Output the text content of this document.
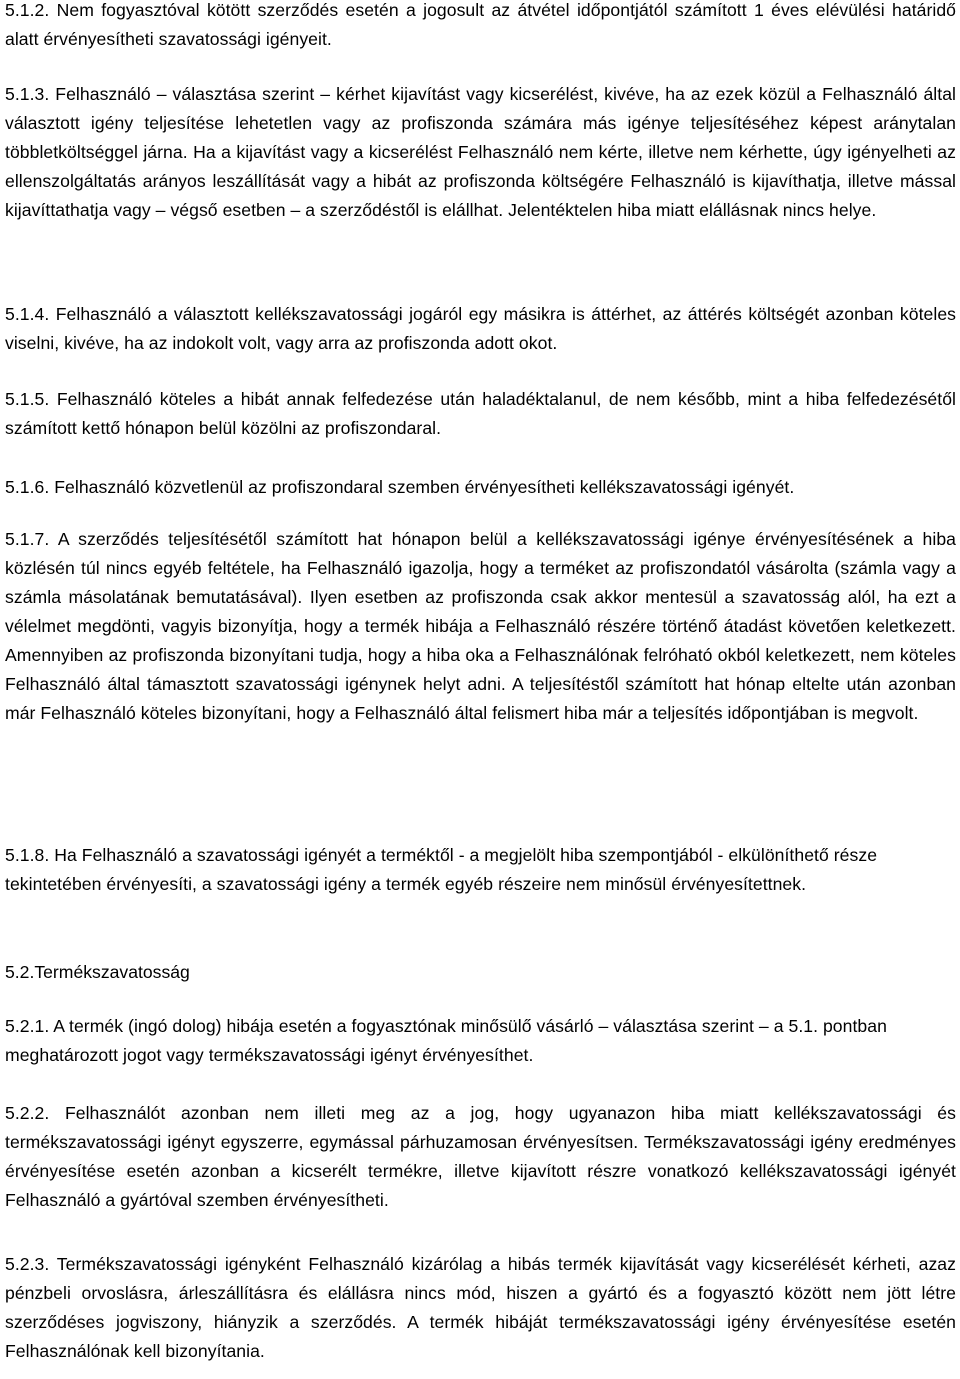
5.1.2. Nem fogyasztóval kötött szerződés esetén a jogosult az átvétel időpontjától számított 1 éves elévülési határidő alatt érvényesítheti szavatossági igényeit.

5.1.3. Felhasználó – választása szerint – kérhet kijavítást vagy kicserélést, kivéve, ha az ezek közül a Felhasználó által választott igény teljesítése lehetetlen vagy az profiszonda számára más igénye teljesítéséhez képest aránytalan többletköltséggel járna. Ha a kijavítást vagy a kicserélést Felhasználó nem kérte, illetve nem kérhette, úgy igényelheti az ellenszolgáltatás arányos leszállítását vagy a hibát az profiszonda költségére Felhasználó is kijavíthatja, illetve mással kijavíttathatja vagy – végső esetben – a szerződéstől is elállhat. Jelentéktelen hiba miatt elállásnak nincs helye.

5.1.4. Felhasználó a választott kellékszavatossági jogáról egy másikra is áttérhet, az áttérés költségét azonban köteles viselni, kivéve, ha az indokolt volt, vagy arra az profiszonda adott okot.

5.1.5. Felhasználó köteles a hibát annak felfedezése után haladéktalanul, de nem később, mint a hiba felfedezésétől számított kettő hónapon belül közölni az profiszondaral.

5.1.6. Felhasználó közvetlenül az profiszondaral szemben érvényesítheti kellékszavatossági igényét.

5.1.7. A szerződés teljesítésétől számított hat hónapon belül a kellékszavatossági igénye érvényesítésének a hiba közlésén túl nincs egyéb feltétele, ha Felhasználó igazolja, hogy a terméket az profiszondatól vásárolta (számla vagy a számla másolatának bemutatásával). Ilyen esetben az profiszonda csak akkor mentesül a szavatosság alól, ha ezt a vélelmet megdönti, vagyis bizonyítja, hogy a termék hibája a Felhasználó részére történő átadást követően keletkezett. Amennyiben az profiszonda bizonyítani tudja, hogy a hiba oka a Felhasználónak felróható okból keletkezett, nem köteles Felhasználó által támasztott szavatossági igénynek helyt adni. A teljesítéstől számított hat hónap eltelte után azonban már Felhasználó köteles bizonyítani, hogy a Felhasználó által felismert hiba már a teljesítés időpontjában is megvolt.

5.1.8. Ha Felhasználó a szavatossági igényét a terméktől - a megjelölt hiba szempontjából - elkülöníthető része tekintetében érvényesíti, a szavatossági igény a termék egyéb részeire nem minősül érvényesítettnek.

5.2.Termékszavatosság

5.2.1. A termék (ingó dolog) hibája esetén a fogyasztónak minősülő vásárló – választása szerint – a 5.1. pontban meghatározott jogot vagy termékszavatossági igényt érvényesíthet.

5.2.2. Felhasználót azonban nem illeti meg az a jog, hogy ugyanazon hiba miatt kellékszavatossági és termékszavatossági igényt egyszerre, egymással párhuzamosan érvényesítsen. Termékszavatossági igény eredményes érvényesítése esetén azonban a kicserélt termékre, illetve kijavított részre vonatkozó kellékszavatossági igényét Felhasználó a gyártóval szemben érvényesítheti.

5.2.3. Termékszavatossági igényként Felhasználó kizárólag a hibás termék kijavítását vagy kicserélését kérheti, azaz pénzbeli orvoslásra, árleszállításra és elállásra nincs mód, hiszen a gyártó és a fogyasztó között nem jött létre szerződéses jogviszony, hiányzik a szerződés. A termék hibáját termékszavatossági igény érvényesítése esetén Felhasználónak kell bizonyítania.
